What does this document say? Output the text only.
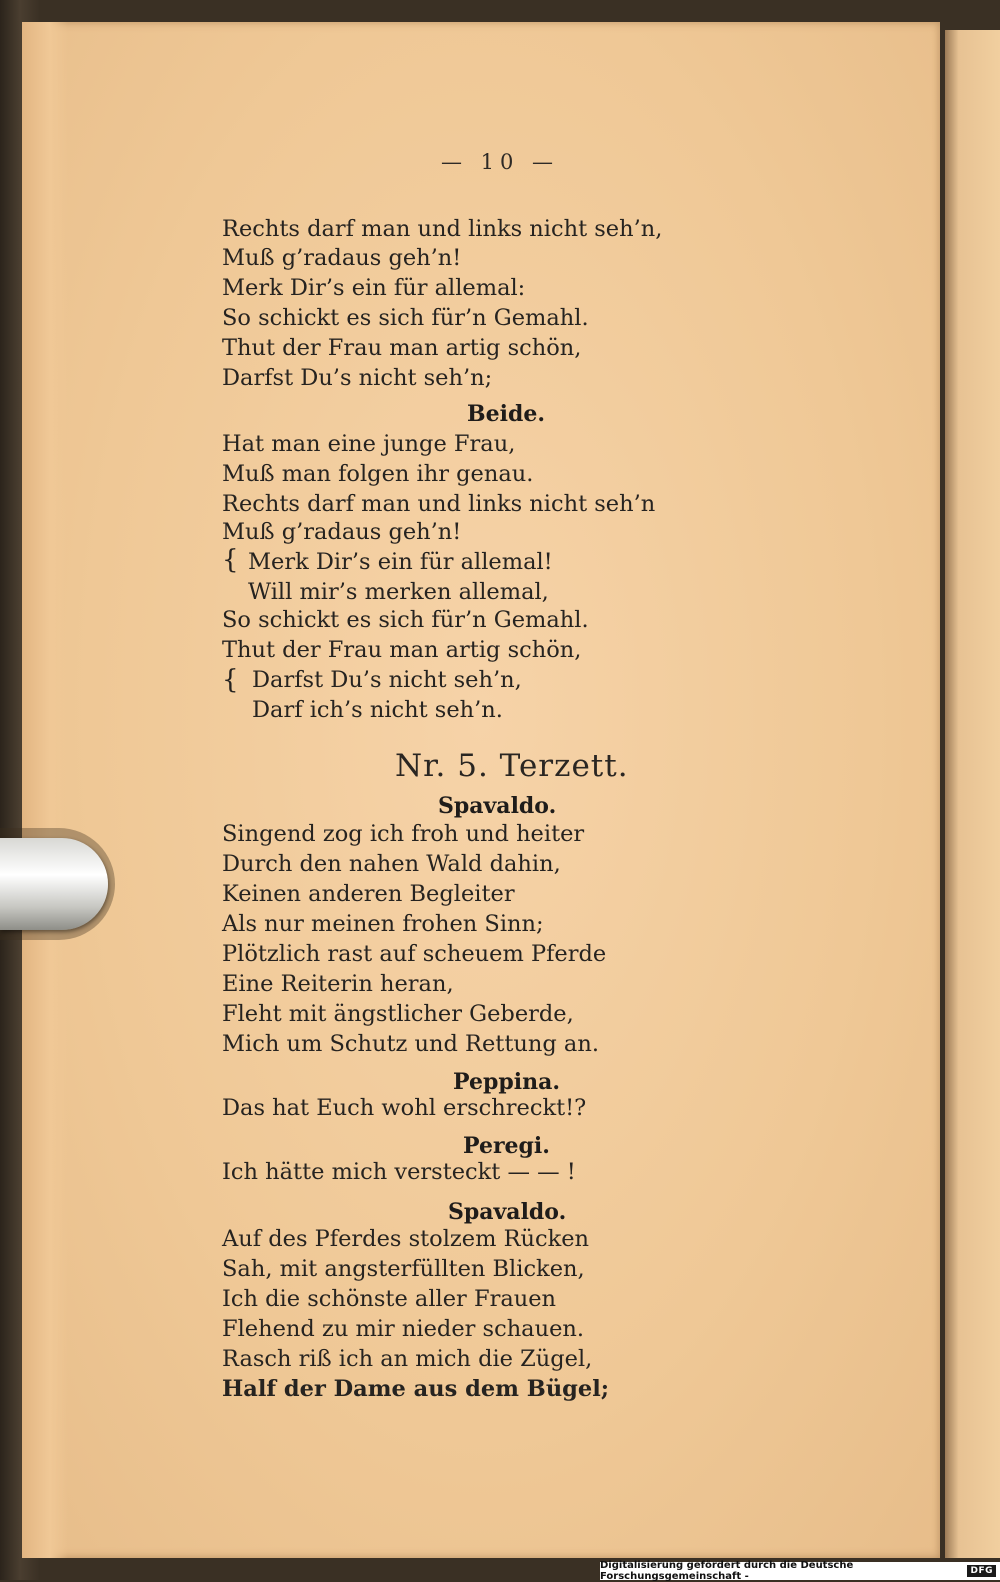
— 10 —
Rechts darf man und links nicht seh’n,
Muß g’radaus geh’n!
Merk Dir’s ein für allemal:
So schickt es sich für’n Gemahl.
Thut der Frau man artig schön,
Darfst Du’s nicht seh’n;
Beide.
Hat man eine junge Frau,
Muß man folgen ihr genau.
Rechts darf man und links nicht seh’n
Muß g’radaus geh’n!
{ Merk Dir’s ein für allemal!
Will mir’s merken allemal,
So schickt es sich für’n Gemahl.
Thut der Frau man artig schön,
{ Darfst Du’s nicht seh’n,
Darf ich’s nicht seh’n.
Nr. 5. Terzett.
Spavaldo.
Singend zog ich froh und heiter
Durch den nahen Wald dahin,
Keinen anderen Begleiter
Als nur meinen frohen Sinn;
Plötzlich rast auf scheuem Pferde
Eine Reiterin heran,
Fleht mit ängstlicher Geberde,
Mich um Schutz und Rettung an.
Peppina.
Das hat Euch wohl erschreckt!?
Peregi.
Ich hätte mich versteckt — — !
Spavaldo.
Auf des Pferdes stolzem Rücken
Sah, mit angsterfüllten Blicken,
Ich die schönste aller Frauen
Flehend zu mir nieder schauen.
Rasch riß ich an mich die Zügel,
Half der Dame aus dem Bügel;
Digitalisierung gefördert durch die Deutsche Forschungsgemeinschaft -	DFG
